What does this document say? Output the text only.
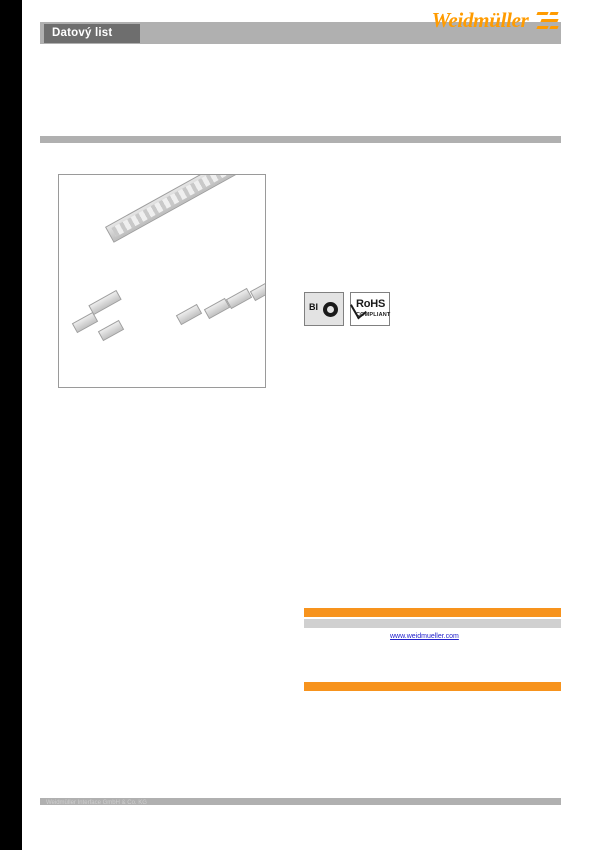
Datový list
Weidmüller
BI	RoHS
COMPLIANT
www.weidmueller.com
Weidmüller Interface GmbH & Co. KG
